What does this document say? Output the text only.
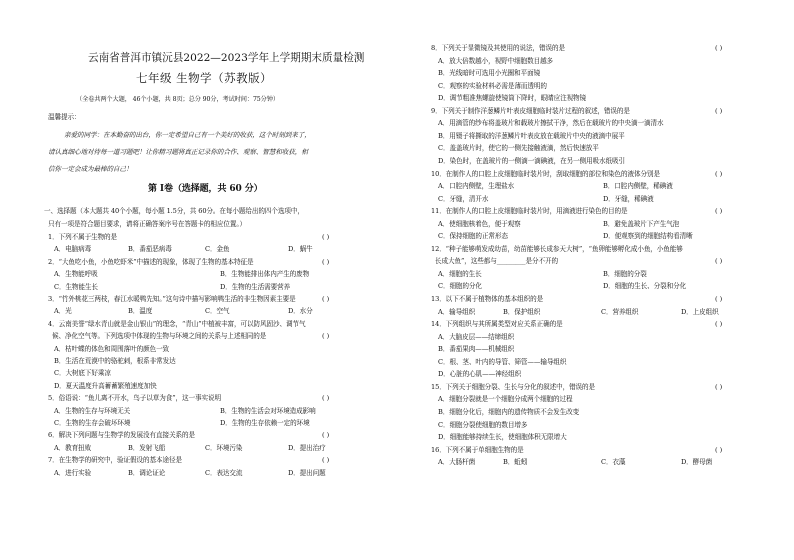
云南省普洱市镇沅县2022—2023学年上学期期末质量检测
七年级 生物学（苏教版）
（全卷共两个大题， 46个小题，共 8页；总分 90分，考试时间：75分钟）
温馨提示：
亲爱的同学：在本勤奋的出台，你一定希望自己有一个美好的收获，这个时刻到来了，
请认真细心地对待每一道习题吧！让你精习题将真正记录你的合作、观察、智慧和收获，相
信你一定会成为最棒的自己！
第 Ⅰ卷（选择题，共 60 分）
一、选择题（本大题共 40个小题，每小题 1.5分，共 60分。在每小题给出的四个选项中，
只有一项是符合题目要求，请将正确答案序号在答题卡的相应位置。）
1．下列不属于生物的是	( )
A．电脑病毒	B．番茄恶病毒	C．金鱼	D．蜗牛
2．“大鱼吃小鱼，小鱼吃虾米”中描述的现象，体现了生物的基本特征是	( )
A．生物能呼吸	B．生物能排出体内产生的废物
C．生物能生长	D．生物的生活需要营养
3．“竹外桃花三两枝，春江水暖鸭先知。”这句诗中描写影响鸭生活的非生物因素主要是	( )
A．光	B．温度	C．空气	D．水分
4．云南美誉“绿水青山就是金山银山”的理念，“青山”中植被丰富，可以防风固沙、调节气
候、净化空气等。下列选项中体现的生物与环境之间的关系与上述相同的是	( )
A．枯叶蝶的体色和周围落叶的颜色一致
B．生活在荒漠中的骆驼刺，根系非常发达
C．大树底下好乘凉
D．夏天温度升高蓄蓄繁殖速度加快
5．俗语说：“鱼儿离不开水，鸟子以草为食”，这一事实说明	( )
A．生物的生存与环境无关	B．生物的生活会对环境造成影响
C．生物的生存会破坏环境	D．生物的生存依赖一定的环境
6．解决下列问题与生物学的发展没有直接关系的是	( )
A．教育扭败	B．发射飞船	C．环境污染	D．提出治疗
7．在生物学的研究中，验证假设的基本途径是	( )
A．进行实验	B．调论证论	C．表达交流	D．提出问题
8．下列关于显微镜及其使用的说法，错误的是	( )
A．放大倍数越小，视野中细胞数目越多
B．光线暗时可选用小光圈和平面镜
C．观察的实验材料必需是薄而透明的
D．调节粗准焦螺旋使镜筒下降时，眼睛应注视物镜
9．下列关于制作洋葱鳞片叶表皮细胞临时装片过程的叙述，错误的是	( )
A．用滴管的纱布将盖玻片和载玻片擦拭干净，然后在载玻片的中央滴一滴清水
B．用镊子将撕取的洋葱鳞片叶表皮放在载玻片中央的液滴中展平
C．盖盖玻片时，使它的一侧先接触液滴，然后快速放平
D．染色时，在盖玻片的一侧滴一滴碘液，在另一侧用吸水纸吸引
10．在制作人的口腔上皮细胞临时装片时，刮取细胞的部位和染色的液体分别是	( )
A．口腔内侧壁，生理盐水	B．口腔内侧壁，稀碘液
C．牙缝，清开水	D．牙缝，稀碘液
11．在制作人的口腔上皮细胞临时装片时，用滴液进行染色的目的是	( )
A．使细胞核着色，便于观察	B．避免盖玻片下产生气泡
C．保持细胞的正常形态	D．便观察到的细胞结构看清晰
12．“种子能够萌发成幼苗，幼苗能够长成参天大树”，“鱼卵能够孵化成小鱼，小鱼能够
长成大鱼”，这些都与_________是分不开的	( )
A．细胞的生长	B．细胞的分裂
C．细胞的分化	D．细胞的生长、分裂和分化
13．以下不属于植物体的基本组织的是	( )
A．输导组织	B．保护组织	C．营养组织	D．上皮组织
14．下列组织与其所属类型对应关系正确的是	( )
A．大脑皮层——结缔组织
B．番茄果肉——机械组织
C．根、茎、叶内的导管、筛管——输导组织
D．心脏的心肌——神经组织
15．下列关于细胞分裂、生长与分化的叙述中，错误的是	( )
A．细胞分裂就是一个细胞分成两个细胞的过程
B．细胞分化后，细胞内的遗传物质不会发生改变
C．细胞分裂使细胞的数目增多
D．细胞能够持续生长，使细胞体积无限增大
16．下列不属于单细胞生物的是	( )
A．大肠杆菌	B．蚯蚓	C．衣藻	D．酵母菌
